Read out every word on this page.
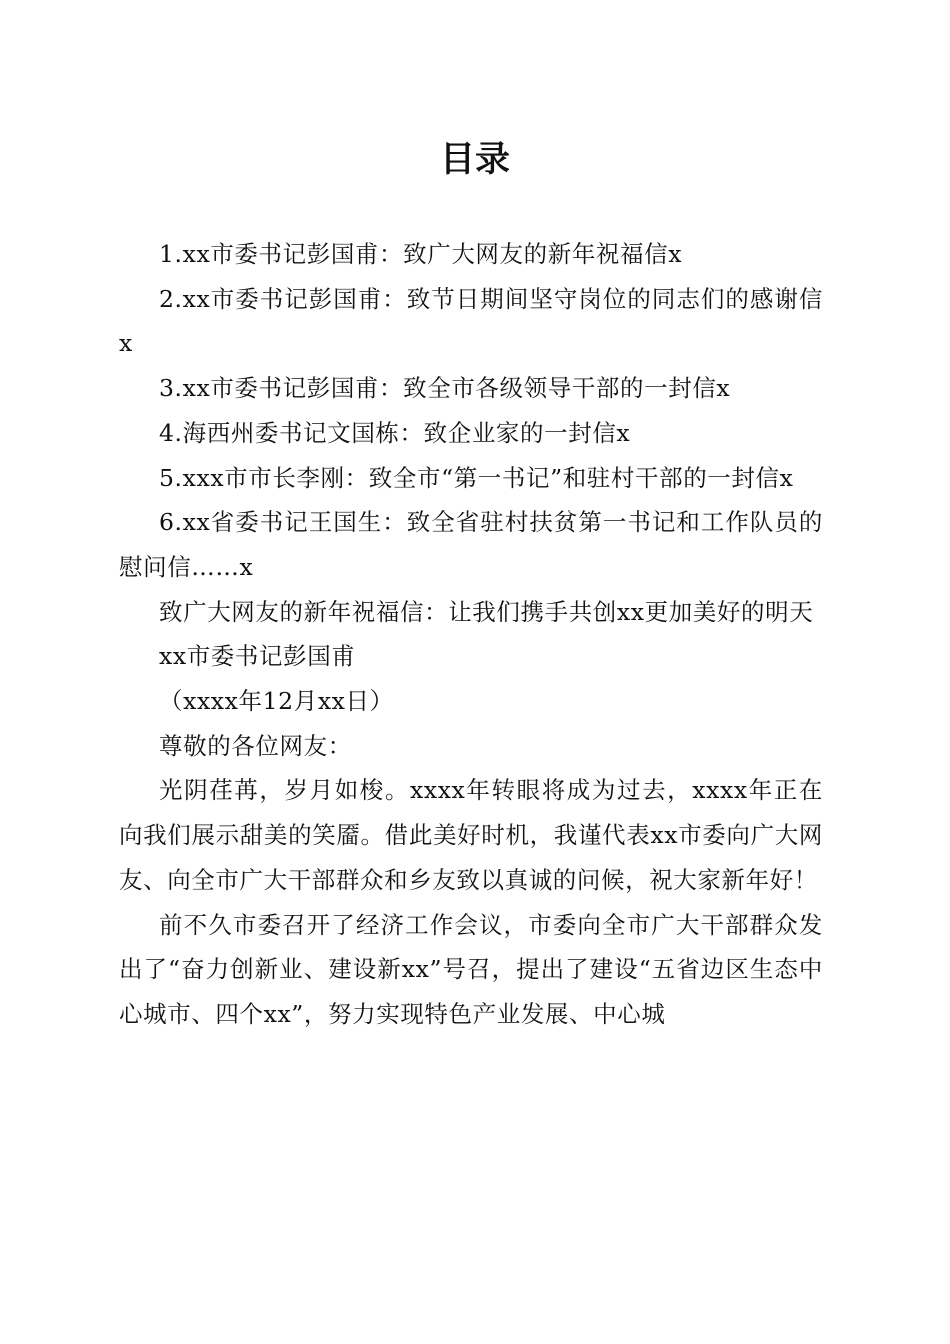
目录

1.xx市委书记彭国甫：致广大网友的新年祝福信x

2.xx市委书记彭国甫：致节日期间坚守岗位的同志们的感谢信x

3.xx市委书记彭国甫：致全市各级领导干部的一封信x

4.海西州委书记文国栋：致企业家的一封信x

5.xxx市市长李刚：致全市“第一书记”和驻村干部的一封信x

6.xx省委书记王国生：致全省驻村扶贫第一书记和工作队员的慰问信……x

致广大网友的新年祝福信：让我们携手共创xx更加美好的明天

xx市委书记彭国甫

（xxxx年12月xx日）

尊敬的各位网友：

光阴荏苒，岁月如梭。xxxx年转眼将成为过去，xxxx年正在向我们展示甜美的笑靥。借此美好时机，我谨代表xx市委向广大网友、向全市广大干部群众和乡友致以真诚的问候，祝大家新年好！

前不久市委召开了经济工作会议，市委向全市广大干部群众发出了“奋力创新业、建设新xx”号召，提出了建设“五省边区生态中心城市、四个xx”，努力实现特色产业发展、中心城
